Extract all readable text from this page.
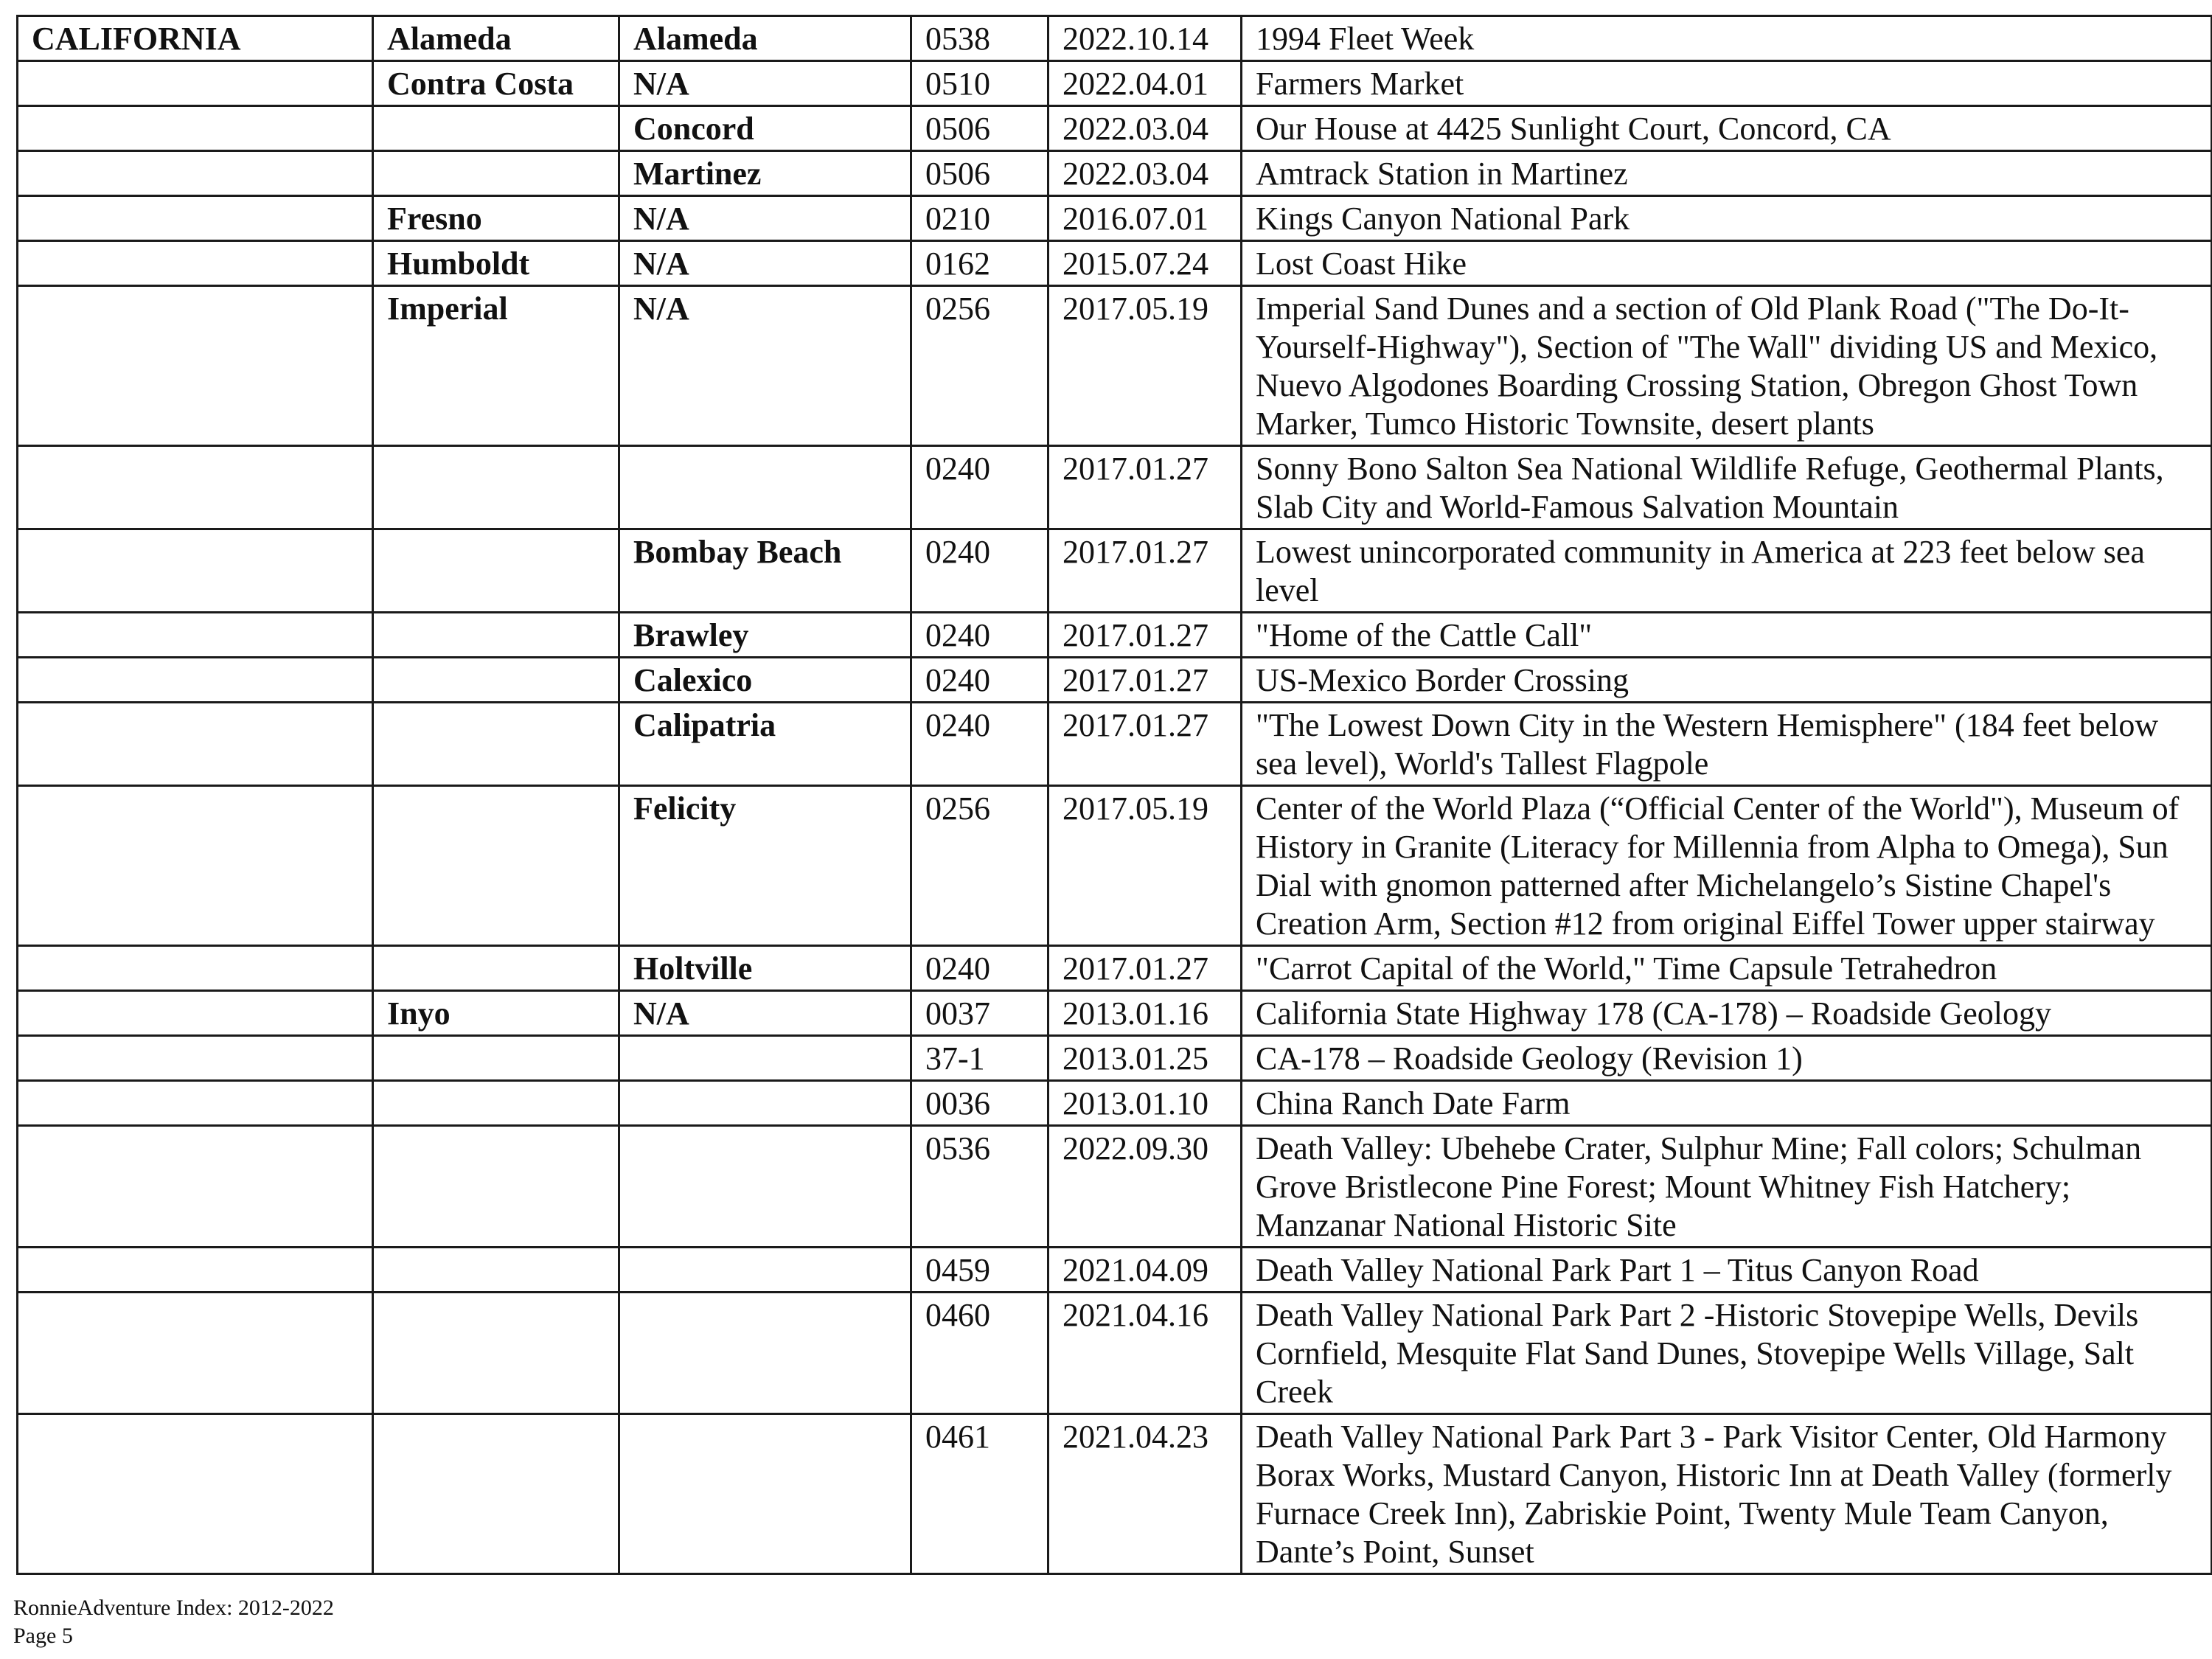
CALIFORNIA	Alameda	Alameda	0538	2022.10.14	1994 Fleet Week
	Contra Costa	N/A	0510	2022.04.01	Farmers Market
		Concord	0506	2022.03.04	Our House at 4425 Sunlight Court, Concord, CA
		Martinez	0506	2022.03.04	Amtrack Station in Martinez
	Fresno	N/A	0210	2016.07.01	Kings Canyon National Park
	Humboldt	N/A	0162	2015.07.24	Lost Coast Hike
	Imperial	N/A	0256	2017.05.19	Imperial Sand Dunes and a section of Old Plank Road ("The Do-It-Yourself-Highway"), Section of "The Wall" dividing US and Mexico, Nuevo Algodones Boarding Crossing Station, Obregon Ghost Town Marker, Tumco Historic Townsite, desert plants
			0240	2017.01.27	Sonny Bono Salton Sea National Wildlife Refuge, Geothermal Plants, Slab City and World-Famous Salvation Mountain
		Bombay Beach	0240	2017.01.27	Lowest unincorporated community in America at 223 feet below sea level
		Brawley	0240	2017.01.27	"Home of the Cattle Call"
		Calexico	0240	2017.01.27	US-Mexico Border Crossing
		Calipatria	0240	2017.01.27	"The Lowest Down City in the Western Hemisphere" (184 feet below sea level), World's Tallest Flagpole
		Felicity	0256	2017.05.19	Center of the World Plaza (“Official Center of the World"), Museum of History in Granite (Literacy for Millennia from Alpha to Omega), Sun Dial with gnomon patterned after Michelangelo’s Sistine Chapel's Creation Arm, Section #12 from original Eiffel Tower upper stairway
		Holtville	0240	2017.01.27	"Carrot Capital of the World," Time Capsule Tetrahedron
	Inyo	N/A	0037	2013.01.16	California State Highway 178 (CA-178) – Roadside Geology
			37-1	2013.01.25	CA-178 – Roadside Geology (Revision 1)
			0036	2013.01.10	China Ranch Date Farm
			0536	2022.09.30	Death Valley: Ubehebe Crater, Sulphur Mine; Fall colors; Schulman Grove Bristlecone Pine Forest; Mount Whitney Fish Hatchery; Manzanar National Historic Site
			0459	2021.04.09	Death Valley National Park Part 1 – Titus Canyon Road
			0460	2021.04.16	Death Valley National Park Part 2 -Historic Stovepipe Wells, Devils Cornfield, Mesquite Flat Sand Dunes, Stovepipe Wells Village, Salt Creek
			0461	2021.04.23	Death Valley National Park Part 3 - Park Visitor Center, Old Harmony Borax Works, Mustard Canyon, Historic Inn at Death Valley (formerly Furnace Creek Inn), Zabriskie Point, Twenty Mule Team Canyon, Dante’s Point, Sunset
RonnieAdventure Index: 2012-2022
Page 5
